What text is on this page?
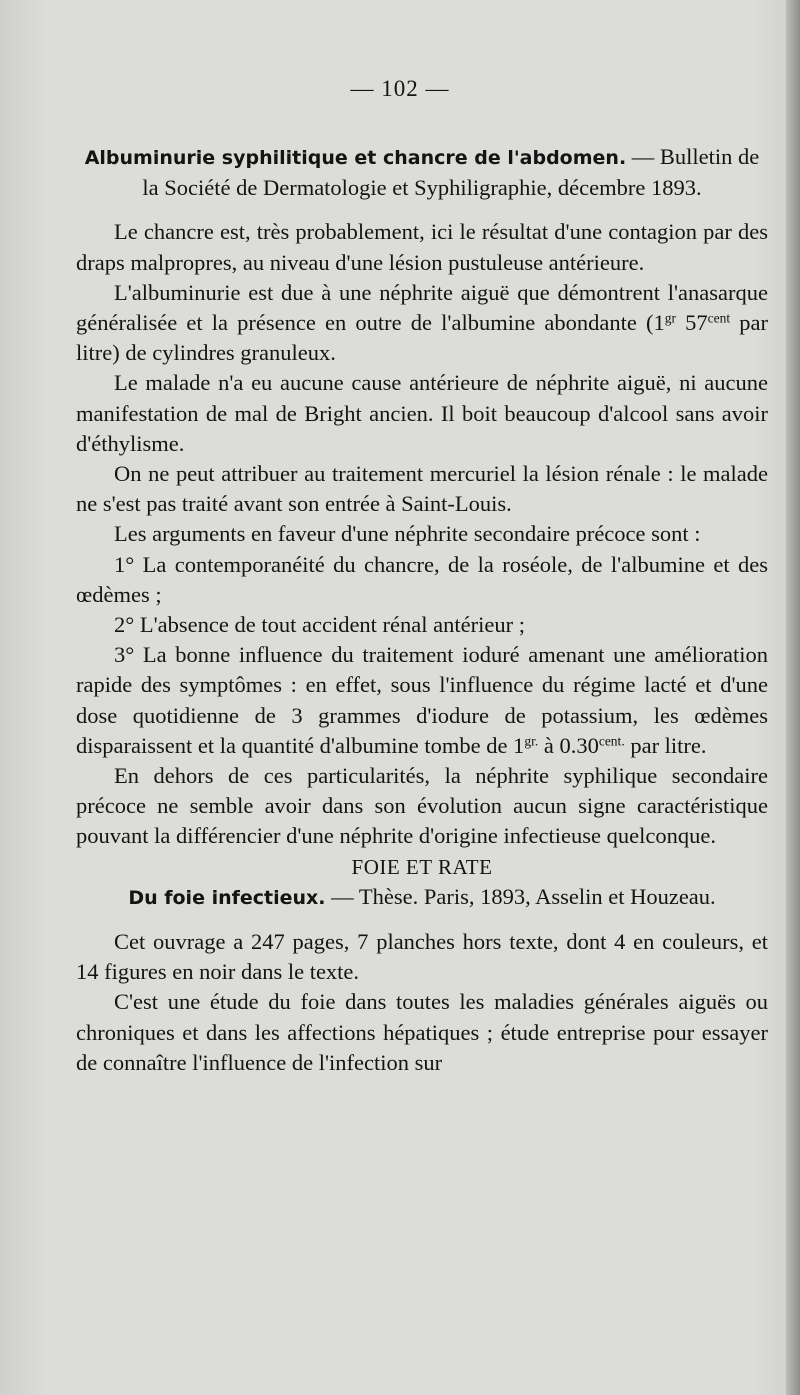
— 102 —

Albuminurie syphilitique et chancre de l'abdomen. — Bulletin de la Société de Dermatologie et Syphiligraphie, décembre 1893.

Le chancre est, très probablement, ici le résultat d'une contagion par des draps malpropres, au niveau d'une lésion pustuleuse antérieure.

L'albuminurie est due à une néphrite aiguë que démontrent l'anasarque généralisée et la présence en outre de l'albumine abondante ($1^{gr}$ $57^{cent}$ par litre) de cylindres granuleux.

Le malade n'a eu aucune cause antérieure de néphrite aiguë, ni aucune manifestation de mal de Bright ancien. Il boit beaucoup d'alcool sans avoir d'éthylisme.

On ne peut attribuer au traitement mercuriel la lésion rénale : le malade ne s'est pas traité avant son entrée à Saint-Louis.

Les arguments en faveur d'une néphrite secondaire précoce sont :

1° La contemporanéité du chancre, de la roséole, de l'albumine et des œdèmes ;

2° L'absence de tout accident rénal antérieur ;

3° La bonne influence du traitement ioduré amenant une amélioration rapide des symptômes : en effet, sous l'influence du régime lacté et d'une dose quotidienne de 3 grammes d'iodure de potassium, les œdèmes disparaissent et la quantité d'albumine tombe de $1^{gr.}$ à $0.30^{cent.}$ par litre.

En dehors de ces particularités, la néphrite syphilique secondaire précoce ne semble avoir dans son évolution aucun signe caractéristique pouvant la différencier d'une néphrite d'origine infectieuse quelconque.

FOIE ET RATE

Du foie infectieux. — Thèse. Paris, 1893, Asselin et Houzeau.

Cet ouvrage a 247 pages, 7 planches hors texte, dont 4 en couleurs, et 14 figures en noir dans le texte.

C'est une étude du foie dans toutes les maladies générales aiguës ou chroniques et dans les affections hépatiques ; étude entreprise pour essayer de connaître l'influence de l'infection sur
